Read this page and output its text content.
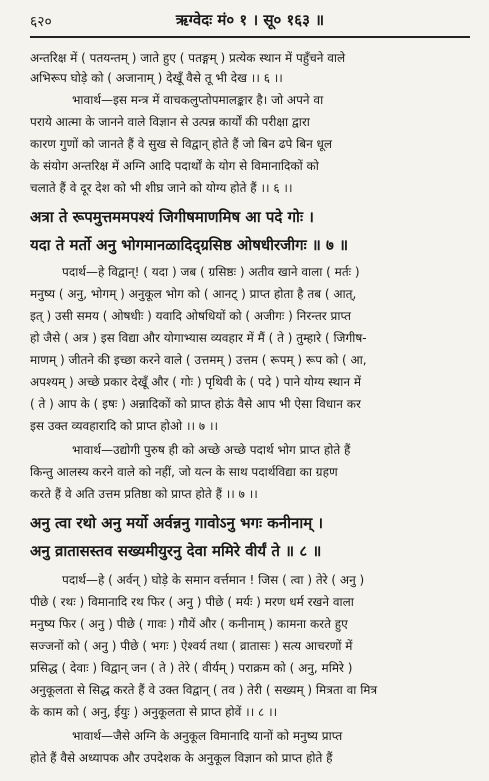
६२०	ऋग्वेदः मं० १ । सू० १६३ ॥
अन्तरिक्ष में ( पतयन्तम् ) जाते हुए ( पतङ्गम् ) प्रत्येक स्थान में पहुँचने वाले
अभिरूप घोड़े को ( अजानाम् ) देखूँ वैसे तू भी देख ।। ६ ।।
भावार्थ—इस मन्त्र में वाचकलुप्तोपमालङ्कार है। जो अपने वा
पराये आत्मा के जानने वाले विज्ञान से उत्पन्न कार्यों की परीक्षा द्वारा
कारण गुणों को जानते हैं वे सुख से विद्वान् होते हैं जो बिन ढपे बिन धूल
के संयोग अन्तरिक्ष में अग्नि आदि पदार्थों के योग से विमानादिकों को
चलाते हैं वे दूर देश को भी शीघ्र जाने को योग्य होते हैं ।। ६ ।।
अत्रा ते रूपमुत्तममपश्यं जिगीषमाणमिष आ पदे गोः ।
यदा ते मर्तो अनु भोगमानळादिद्ग्रसिष्ठ ओषधीरजीगः ॥ ७ ॥
पदार्थ—हे विद्वान्! ( यदा ) जब ( ग्रसिष्ठः ) अतीव खाने वाला ( मर्तः )
मनुष्य ( अनु, भोगम् ) अनुकूल भोग को ( आनट् ) प्राप्त होता है तब ( आत्,
इत् ) उसी समय ( ओषधीः ) यवादि ओषधियों को ( अजीगः ) निरन्तर प्राप्त
हो जैसे ( अत्र ) इस विद्या और योगाभ्यास व्यवहार में मैं ( ते ) तुम्हारे ( जिगीष-
माणम् ) जीतने की इच्छा करने वाले ( उत्तमम् ) उत्तम ( रूपम् ) रूप को ( आ,
अपश्यम् ) अच्छे प्रकार देखूँ और ( गोः ) पृथिवी के ( पदे ) पाने योग्य स्थान में
( ते ) आप के ( इषः ) अन्नादिकों को प्राप्त होऊं वैसे आप भी ऐसा विधान कर
इस उक्त व्यवहारादि को प्राप्त होओ ।। ७ ।।
भावार्थ—उद्योगी पुरुष ही को अच्छे अच्छे पदार्थ भोग प्राप्त होते हैं
किन्तु आलस्य करने वाले को नहीं, जो यत्न के साथ पदार्थविद्या का ग्रहण
करते हैं वे अति उत्तम प्रतिष्ठा को प्राप्त होते हैं ।। ७ ।।
अनु त्वा रथो अनु मर्यो अर्वन्ननु गावोऽनु भगः कनीनाम् ।
अनु व्रातासस्तव सख्यमीयुरनु देवा ममिरे वीर्यं ते ॥ ८ ॥
पदार्थ—हे ( अर्वन् ) घोड़े के समान वर्त्तमान ! जिस ( त्वा ) तेरे ( अनु )
पीछे ( रथः ) विमानादि रथ फिर ( अनु ) पीछे ( मर्यः ) मरण धर्म रखने वाला
मनुष्य फिर ( अनु ) पीछे ( गावः ) गौयें और ( कनीनाम् ) कामना करते हुए
सज्जनों को ( अनु ) पीछे ( भगः ) ऐश्वर्य तथा ( व्रातासः ) सत्य आचरणों में
प्रसिद्ध ( देवाः ) विद्वान् जन ( ते ) तेरे ( वीर्यम् ) पराक्रम को ( अनु, ममिरे )
अनुकूलता से सिद्ध करते हैं वे उक्त विद्वान् ( तव ) तेरी ( सख्यम् ) मित्रता वा मित्र
के काम को ( अनु, ईयुः ) अनुकूलता से प्राप्त होवें ।। ८ ।।
भावार्थ—जैसे अग्नि के अनुकूल विमानादि यानों को मनुष्य प्राप्त
होते हैं वैसे अध्यापक और उपदेशक के अनुकूल विज्ञान को प्राप्त होते हैं
